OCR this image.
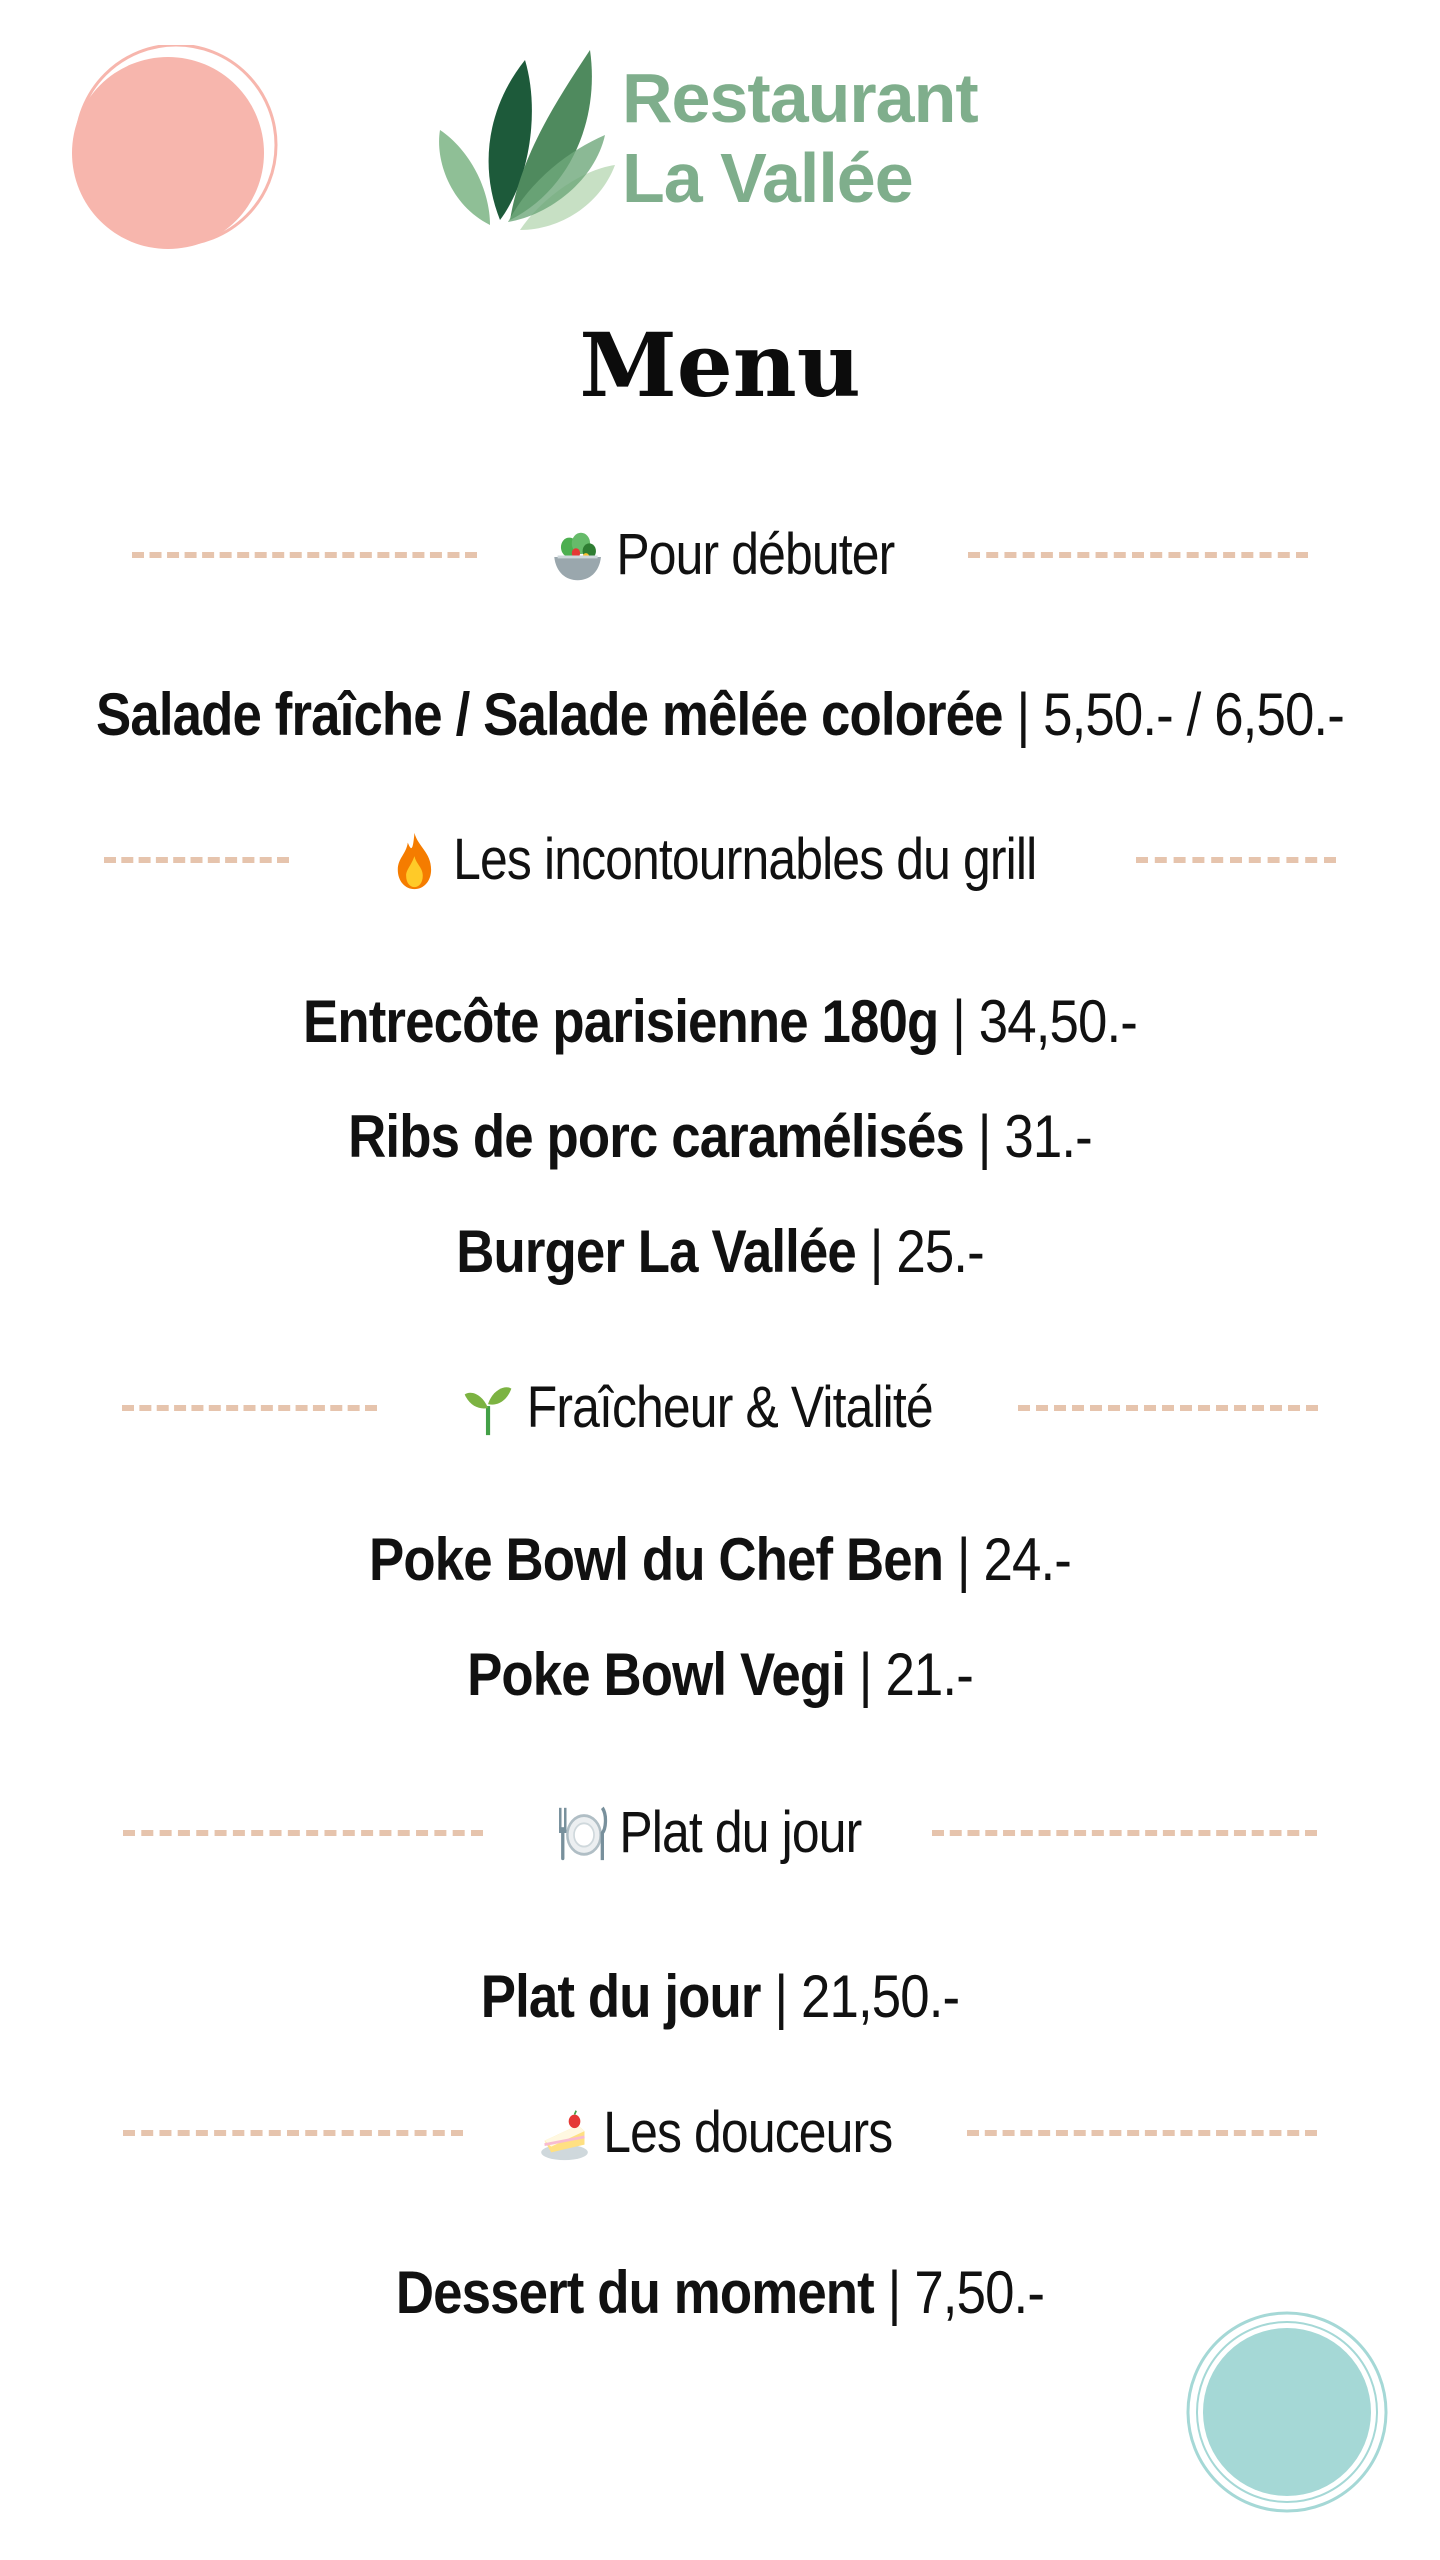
Restaurant
La Vallée
Menu
Pour débuter
Salade fraîche / Salade mêlée colorée | 5,50.- / 6,50.-
Les incontournables du grill
Entrecôte parisienne 180g | 34,50.-
Ribs de porc caramélisés | 31.-
Burger La Vallée | 25.-
Fraîcheur & Vitalité
Poke Bowl du Chef Ben | 24.-
Poke Bowl Vegi | 21.-
Plat du jour
Plat du jour | 21,50.-
Les douceurs
Dessert du moment | 7,50.-
